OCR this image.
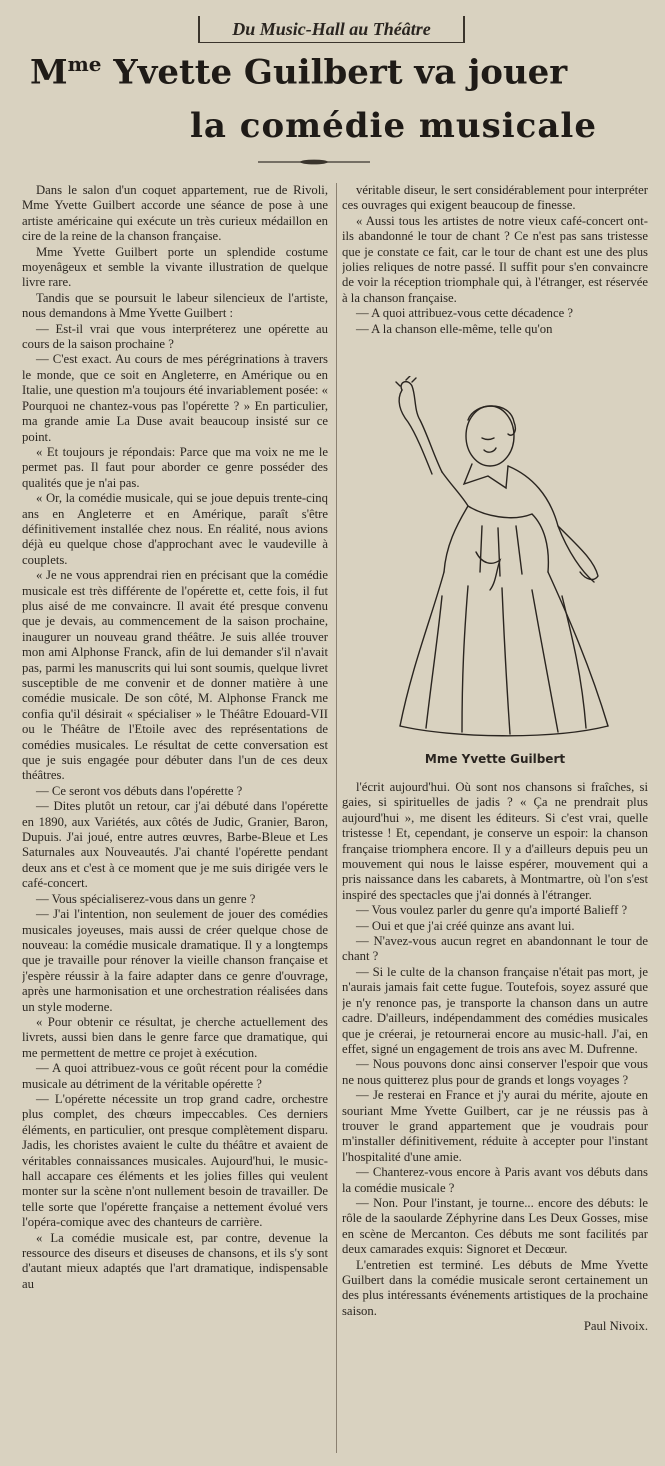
Du Music-Hall au Théâtre
$M^{me}$ Yvette Guilbert va jouer
la comédie musicale

Dans le salon d'un coquet appartement, rue de Rivoli, Mme Yvette Guilbert accorde une séance de pose à une artiste américaine qui exécute un très curieux médaillon en cire de la reine de la chanson française.

Mme Yvette Guilbert porte un splendide costume moyenâgeux et semble la vivante illustration de quelque livre rare.

Tandis que se poursuit le labeur silencieux de l'artiste, nous demandons à Mme Yvette Guilbert :

— Est-il vrai que vous interpréterez une opérette au cours de la saison prochaine ?

— C'est exact. Au cours de mes pérégrinations à travers le monde, que ce soit en Angleterre, en Amérique ou en Italie, une question m'a toujours été invariablement posée: « Pourquoi ne chantez-vous pas l'opérette ? » En particulier, ma grande amie La Duse avait beaucoup insisté sur ce point.

« Et toujours je répondais: Parce que ma voix ne me le permet pas. Il faut pour aborder ce genre posséder des qualités que je n'ai pas.

« Or, la comédie musicale, qui se joue depuis trente-cinq ans en Angleterre et en Amérique, paraît s'être définitivement installée chez nous. En réalité, nous avions déjà eu quelque chose d'approchant avec le vaudeville à couplets.

« Je ne vous apprendrai rien en précisant que la comédie musicale est très différente de l'opérette et, cette fois, il fut plus aisé de me convaincre. Il avait été presque convenu que je devais, au commencement de la saison prochaine, inaugurer un nouveau grand théâtre. Je suis allée trouver mon ami Alphonse Franck, afin de lui demander s'il n'avait pas, parmi les manuscrits qui lui sont soumis, quelque livret susceptible de me convenir et de donner matière à une comédie musicale. De son côté, M. Alphonse Franck me confia qu'il désirait « spécialiser » le Théâtre Edouard-VII ou le Théâtre de l'Etoile avec des représentations de comédies musicales. Le résultat de cette conversation est que je suis engagée pour débuter dans l'un de ces deux théâtres.

— Ce seront vos débuts dans l'opérette ?

— Dites plutôt un retour, car j'ai débuté dans l'opérette en 1890, aux Variétés, aux côtés de Judic, Granier, Baron, Dupuis. J'ai joué, entre autres œuvres, Barbe-Bleue et Les Saturnales aux Nouveautés. J'ai chanté l'opérette pendant deux ans et c'est à ce moment que je me suis dirigée vers le café-concert.

— Vous spécialiserez-vous dans un genre ?

— J'ai l'intention, non seulement de jouer des comédies musicales joyeuses, mais aussi de créer quelque chose de nouveau: la comédie musicale dramatique. Il y a longtemps que je travaille pour rénover la vieille chanson française et j'espère réussir à la faire adapter dans ce genre d'ouvrage, après une harmonisation et une orchestration réalisées dans un style moderne.

« Pour obtenir ce résultat, je cherche actuellement des livrets, aussi bien dans le genre farce que dramatique, qui me permettent de mettre ce projet à exécution.

— A quoi attribuez-vous ce goût récent pour la comédie musicale au détriment de la véritable opérette ?

— L'opérette nécessite un trop grand cadre, orchestre plus complet, des chœurs impeccables. Ces derniers éléments, en particulier, ont presque complètement disparu. Jadis, les choristes avaient le culte du théâtre et avaient de véritables connaissances musicales. Aujourd'hui, le music-hall accapare ces éléments et les jolies filles qui veulent monter sur la scène n'ont nullement besoin de travailler. De telle sorte que l'opérette française a nettement évolué vers l'opéra-comique avec des chanteurs de carrière.

« La comédie musicale est, par contre, devenue la ressource des diseurs et diseuses de chansons, et ils s'y sont d'autant mieux adaptés que l'art dramatique, indispensable au

véritable diseur, le sert considérablement pour interpréter ces ouvrages qui exigent beaucoup de finesse.

« Aussi tous les artistes de notre vieux café-concert ont-ils abandonné le tour de chant ? Ce n'est pas sans tristesse que je constate ce fait, car le tour de chant est une des plus jolies reliques de notre passé. Il suffit pour s'en convaincre de voir la réception triomphale qui, à l'étranger, est réservée à la chanson française.

— A quoi attribuez-vous cette décadence ?

— A la chanson elle-même, telle qu'on

Mme Yvette Guilbert

l'écrit aujourd'hui. Où sont nos chansons si fraîches, si gaies, si spirituelles de jadis ? « Ça ne prendrait plus aujourd'hui », me disent les éditeurs. Si c'est vrai, quelle tristesse ! Et, cependant, je conserve un espoir: la chanson française triomphera encore. Il y a d'ailleurs depuis peu un mouvement qui nous le laisse espérer, mouvement qui a pris naissance dans les cabarets, à Montmartre, où l'on s'est inspiré des spectacles que j'ai donnés à l'étranger.

— Vous voulez parler du genre qu'a importé Balieff ?

— Oui et que j'ai créé quinze ans avant lui.

— N'avez-vous aucun regret en abandonnant le tour de chant ?

— Si le culte de la chanson française n'était pas mort, je n'aurais jamais fait cette fugue. Toutefois, soyez assuré que je n'y renonce pas, je transporte la chanson dans un autre cadre. D'ailleurs, indépendamment des comédies musicales que je créerai, je retournerai encore au music-hall. J'ai, en effet, signé un engagement de trois ans avec M. Dufrenne.

— Nous pouvons donc ainsi conserver l'espoir que vous ne nous quitterez plus pour de grands et longs voyages ?

— Je resterai en France et j'y aurai du mérite, ajoute en souriant Mme Yvette Guilbert, car je ne réussis pas à trouver le grand appartement que je voudrais pour m'installer définitivement, réduite à accepter pour l'instant l'hospitalité d'une amie.

— Chanterez-vous encore à Paris avant vos débuts dans la comédie musicale ?

— Non. Pour l'instant, je tourne... encore des débuts: le rôle de la saoularde Zéphyrine dans Les Deux Gosses, mise en scène de Mercanton. Ces débuts me sont facilités par deux camarades exquis: Signoret et Decœur.

L'entretien est terminé. Les débuts de Mme Yvette Guilbert dans la comédie musicale seront certainement un des plus intéressants événements artistiques de la prochaine saison.

Paul Nivoix.
